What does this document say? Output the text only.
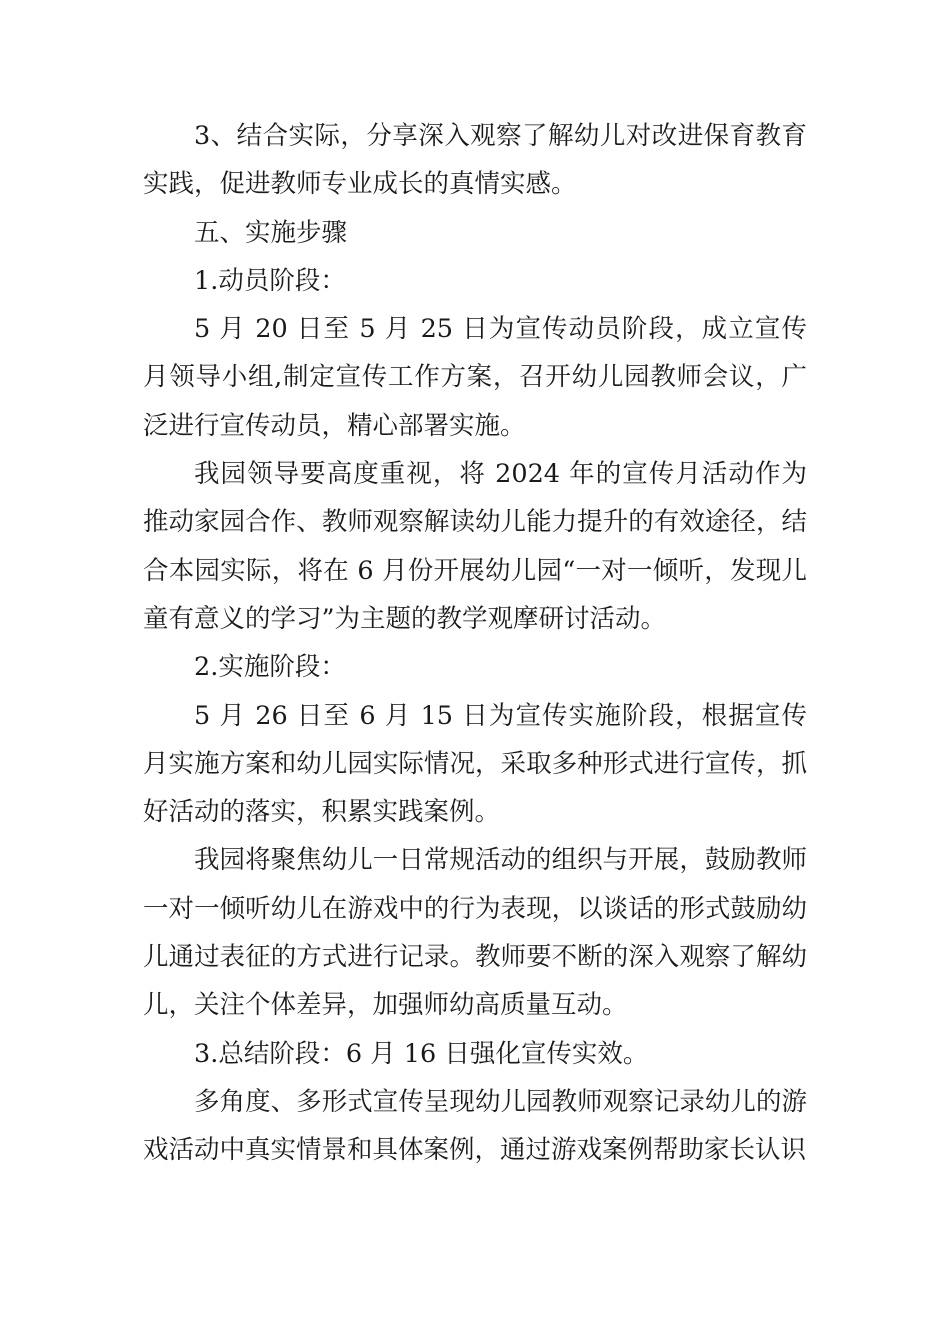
3、结合实际，分享深入观察了解幼儿对改进保育教育实践，促进教师专业成长的真情实感。

五、实施步骤

1.动员阶段：

5 月 20 日至 5 月 25 日为宣传动员阶段，成立宣传月领导小组,制定宣传工作方案，召开幼儿园教师会议，广泛进行宣传动员，精心部署实施。

我园领导要高度重视，将 2024 年的宣传月活动作为推动家园合作、教师观察解读幼儿能力提升的有效途径，结合本园实际，将在 6 月份开展幼儿园“一对一倾听，发现儿童有意义的学习”为主题的教学观摩研讨活动。

2.实施阶段：

5 月 26 日至 6 月 15 日为宣传实施阶段，根据宣传月实施方案和幼儿园实际情况，采取多种形式进行宣传，抓好活动的落实，积累实践案例。

我园将聚焦幼儿一日常规活动的组织与开展，鼓励教师一对一倾听幼儿在游戏中的行为表现，以谈话的形式鼓励幼儿通过表征的方式进行记录。教师要不断的深入观察了解幼儿，关注个体差异，加强师幼高质量互动。

3.总结阶段：6 月 16 日强化宣传实效。

多角度、多形式宣传呈现幼儿园教师观察记录幼儿的游戏活动中真实情景和具体案例，通过游戏案例帮助家长认识
